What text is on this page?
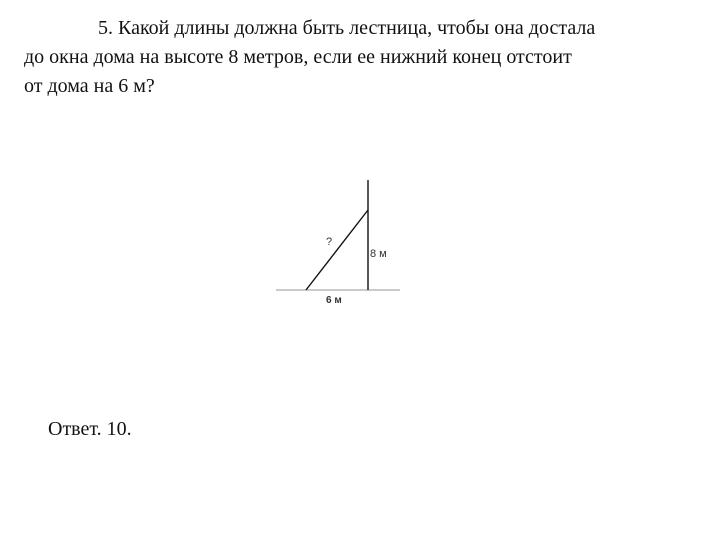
5. Какой длины должна быть лестница, чтобы она достала
до окна дома на высоте 8 метров, если ее нижний конец отстоит
от дома на 6 м?
?
8 м
6 м
Ответ. 10.
